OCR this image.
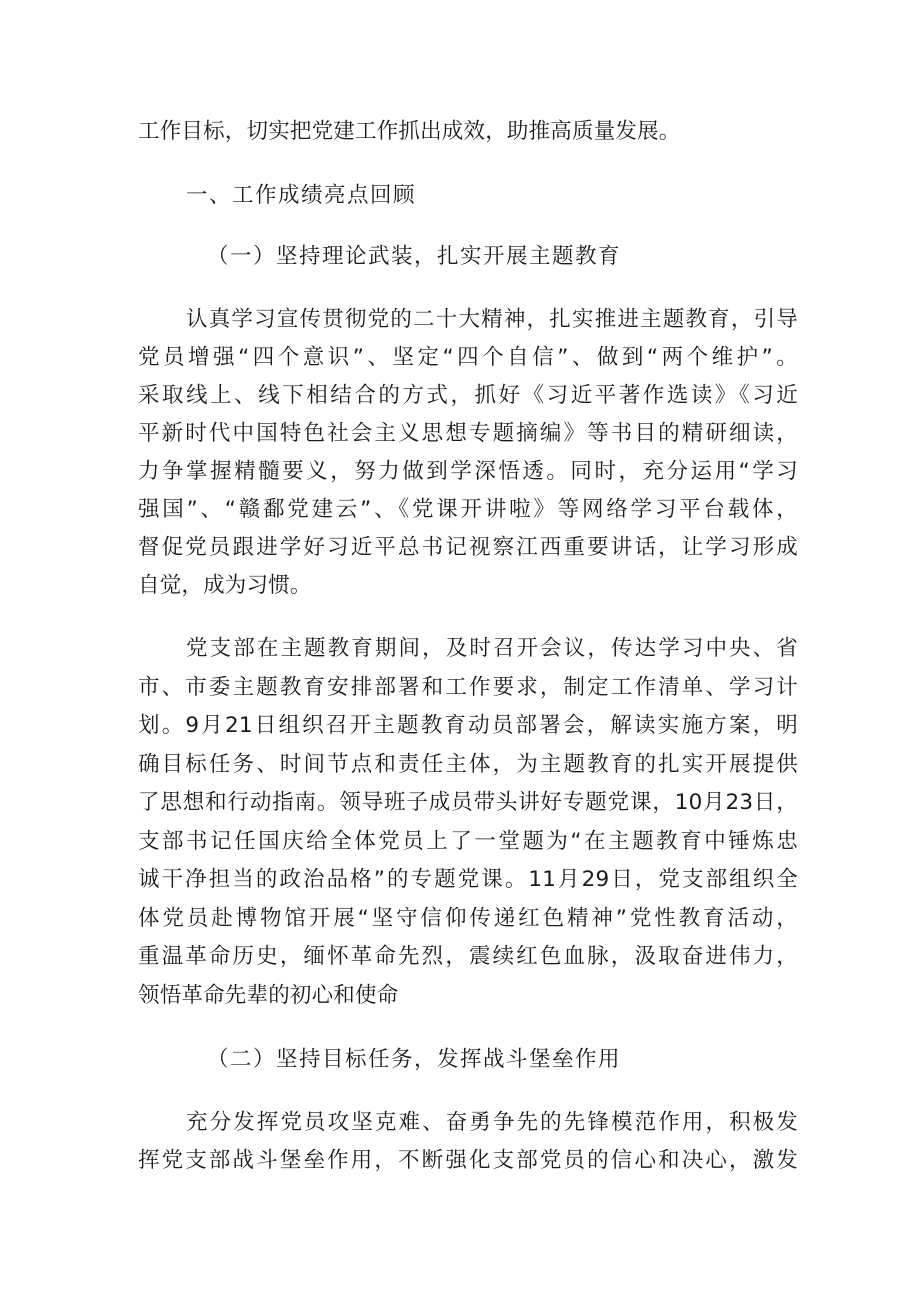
工作目标，切实把党建工作抓出成效，助推高质量发展。
一、工作成绩亮点回顾
（一）坚持理论武装，扎实开展主题教育
认真学习宣传贯彻党的二十大精神，扎实推进主题教育，引导
党员增强“四个意识”、坚定“四个自信”、做到“两个维护”。
采取线上、线下相结合的方式，抓好《习近平著作选读》《习近
平新时代中国特色社会主义思想专题摘编》等书目的精研细读，
力争掌握精髓要义，努力做到学深悟透。同时，充分运用“学习
强国”、“赣鄱党建云”、《党课开讲啦》等网络学习平台载体，
督促党员跟进学好习近平总书记视察江西重要讲话，让学习形成
自觉，成为习惯。
党支部在主题教育期间，及时召开会议，传达学习中央、省
市、市委主题教育安排部署和工作要求，制定工作清单、学习计
划。9月21日组织召开主题教育动员部署会，解读实施方案，明
确目标任务、时间节点和责任主体，为主题教育的扎实开展提供
了思想和行动指南。领导班子成员带头讲好专题党课，10月23日，
支部书记任国庆给全体党员上了一堂题为“在主题教育中锤炼忠
诚干净担当的政治品格”的专题党课。11月29日，党支部组织全
体党员赴博物馆开展“坚守信仰传递红色精神”党性教育活动，
重温革命历史，缅怀革命先烈，震续红色血脉，汲取奋进伟力，
领悟革命先辈的初心和使命
（二）坚持目标任务，发挥战斗堡垒作用
充分发挥党员攻坚克难、奋勇争先的先锋模范作用，积极发
挥党支部战斗堡垒作用，不断强化支部党员的信心和决心，激发
